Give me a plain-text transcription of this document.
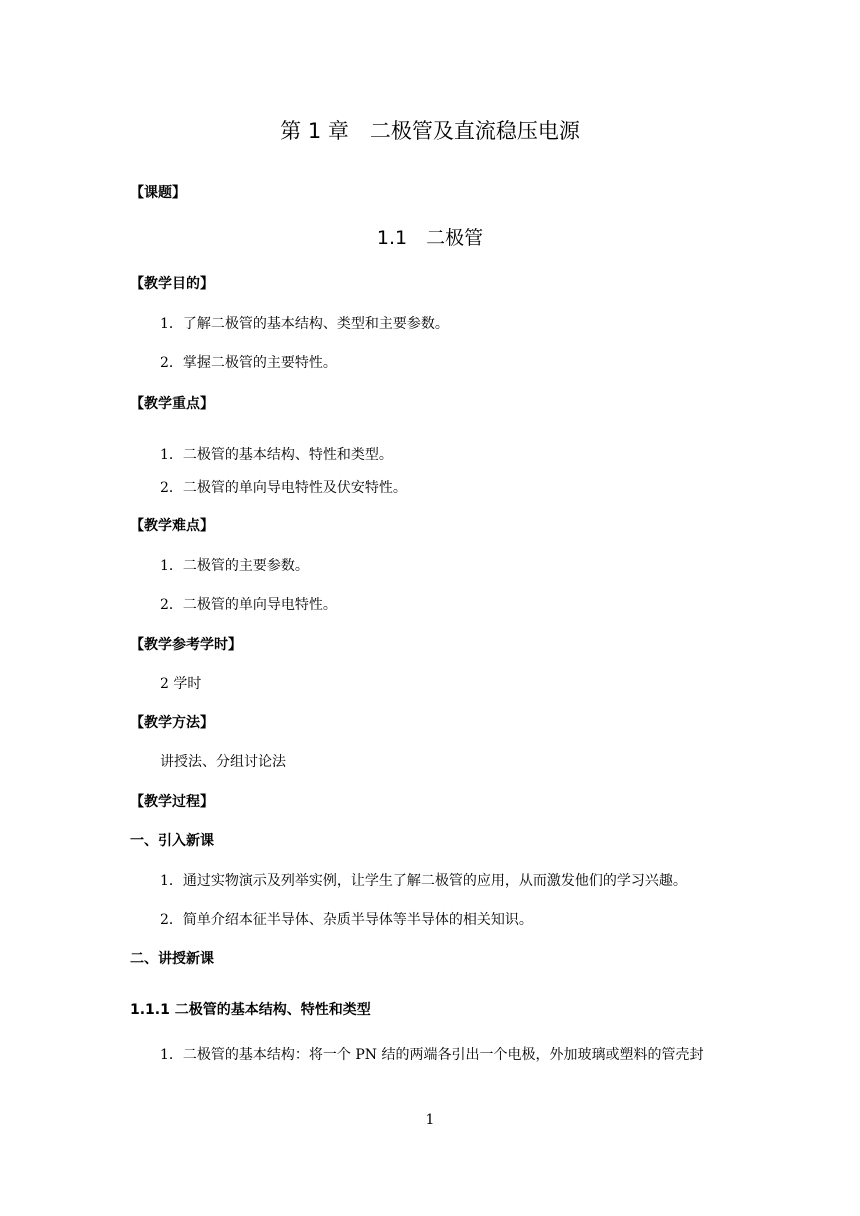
第 1 章　二极管及直流稳压电源
【课题】
1.1　二极管
【教学目的】
1．了解二极管的基本结构、类型和主要参数。
2．掌握二极管的主要特性。
【教学重点】
1．二极管的基本结构、特性和类型。
2．二极管的单向导电特性及伏安特性。
【教学难点】
1．二极管的主要参数。
2．二极管的单向导电特性。
【教学参考学时】
2 学时
【教学方法】
讲授法、分组讨论法
【教学过程】
一、引入新课
1．通过实物演示及列举实例，让学生了解二极管的应用，从而激发他们的学习兴趣。
2．简单介绍本征半导体、杂质半导体等半导体的相关知识。
二、讲授新课
1.1.1 二极管的基本结构、特性和类型
1．二极管的基本结构：将一个 PN 结的两端各引出一个电极，外加玻璃或塑料的管壳封
1
